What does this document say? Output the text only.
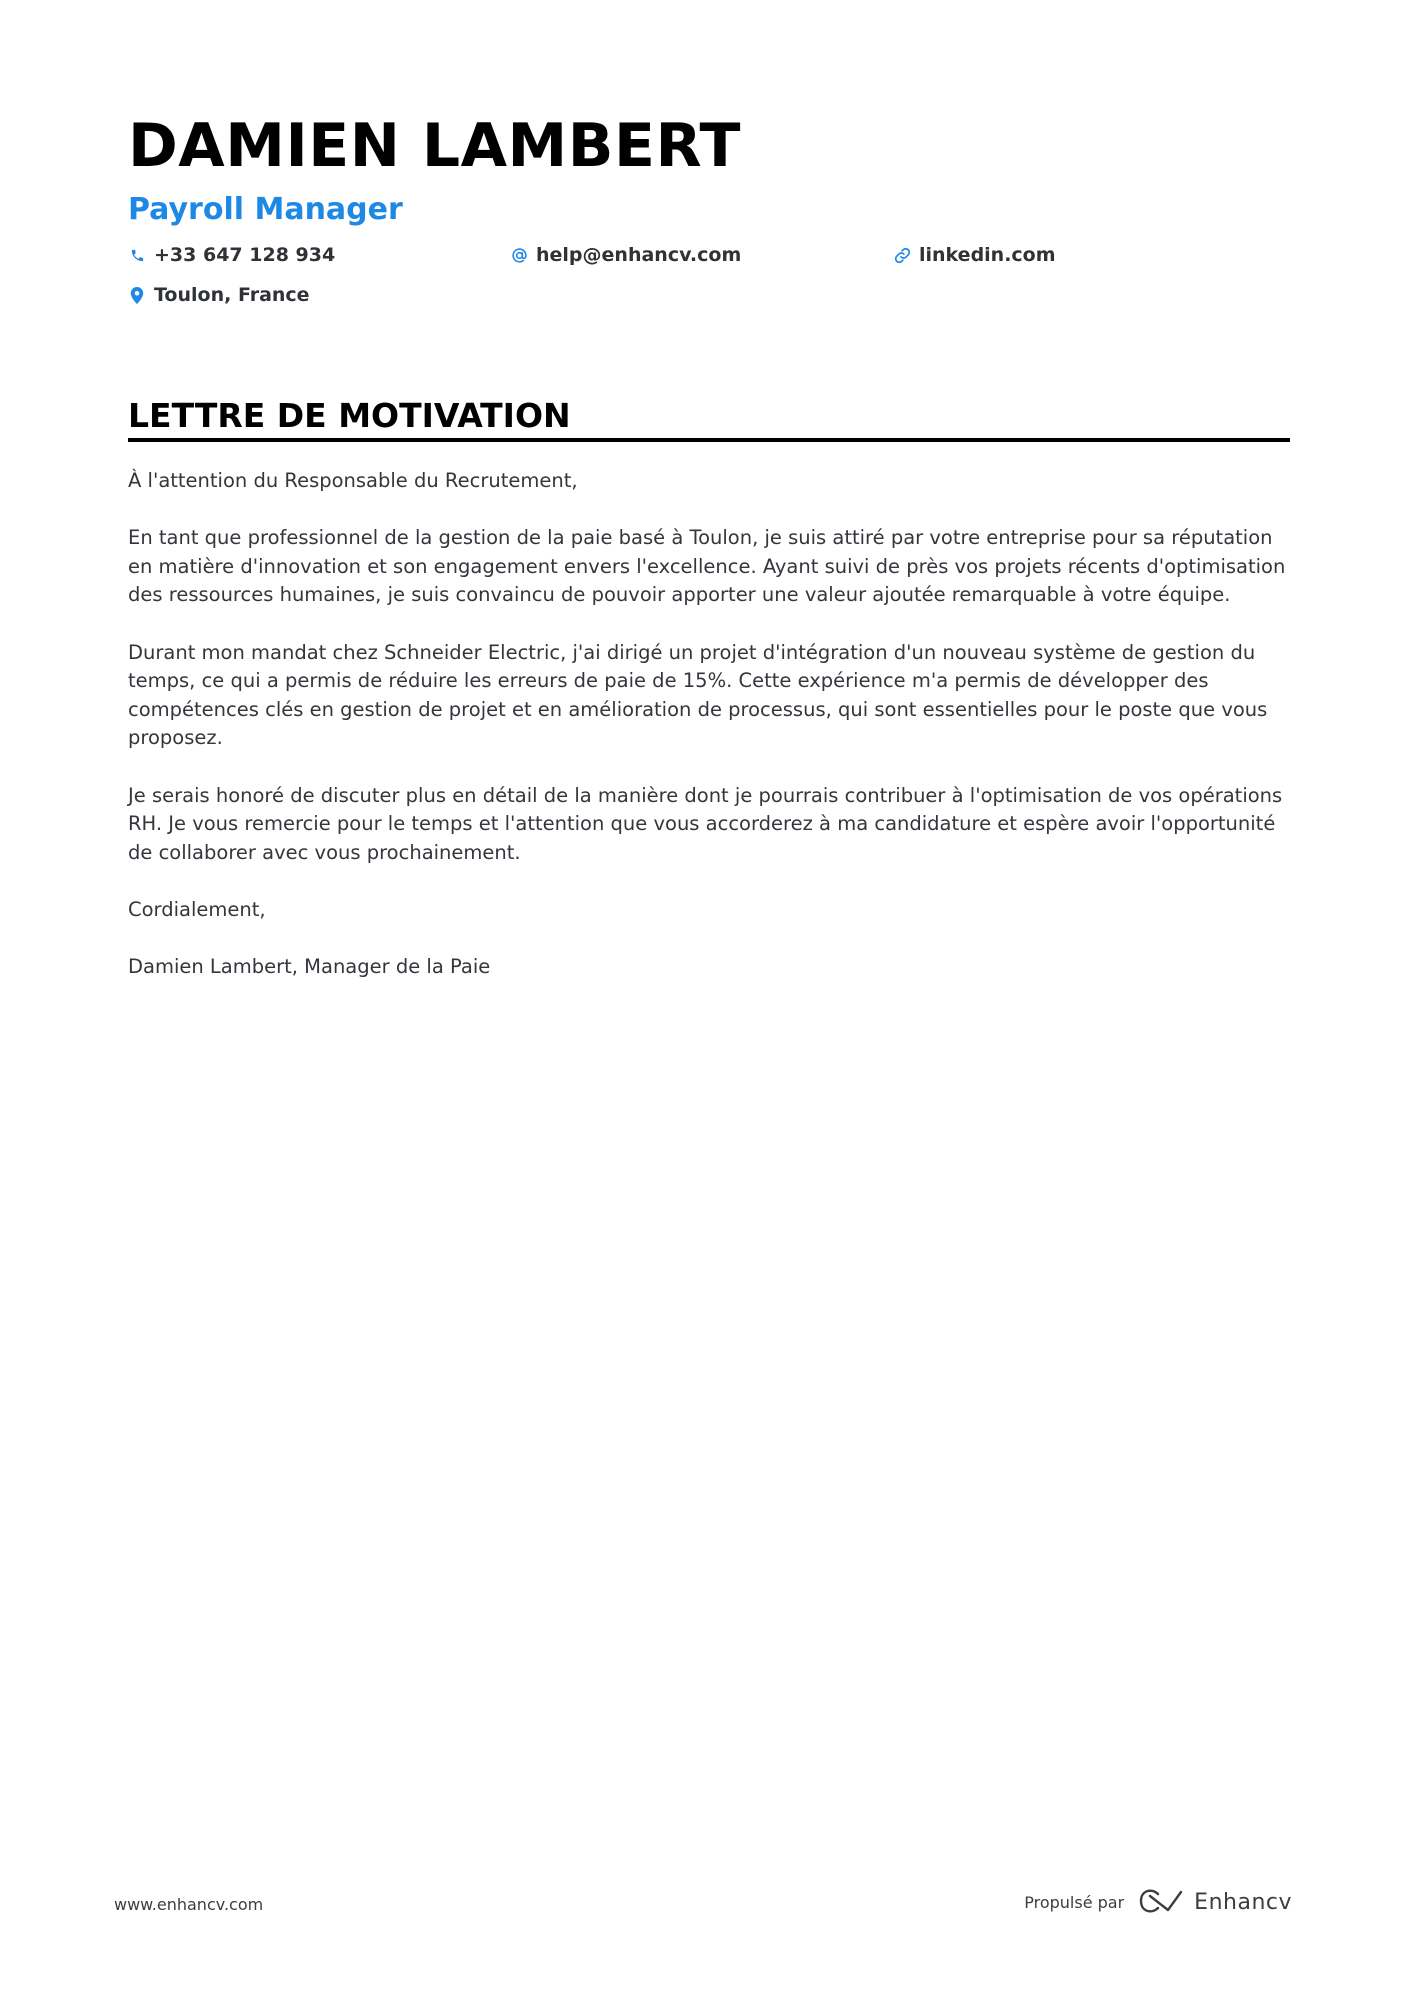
DAMIEN LAMBERT
Payroll Manager
+33 647 128 934	help@enhancv.com	linkedin.com
Toulon, France
LETTRE DE MOTIVATION

À l'attention du Responsable du Recrutement,

En tant que professionnel de la gestion de la paie basé à Toulon, je suis attiré par votre entreprise pour sa réputation en matière d'innovation et son engagement envers l'excellence. Ayant suivi de près vos projets récents d'optimisation des ressources humaines, je suis convaincu de pouvoir apporter une valeur ajoutée remarquable à votre équipe.

Durant mon mandat chez Schneider Electric, j'ai dirigé un projet d'intégration d'un nouveau système de gestion du temps, ce qui a permis de réduire les erreurs de paie de 15%. Cette expérience m'a permis de développer des compétences clés en gestion de projet et en amélioration de processus, qui sont essentielles pour le poste que vous proposez.

Je serais honoré de discuter plus en détail de la manière dont je pourrais contribuer à l'optimisation de vos opérations RH. Je vous remercie pour le temps et l'attention que vous accorderez à ma candidature et espère avoir l'opportunité de collaborer avec vous prochainement.

Cordialement,

Damien Lambert, Manager de la Paie

www.enhancv.com	Propulsé par	Enhancv
